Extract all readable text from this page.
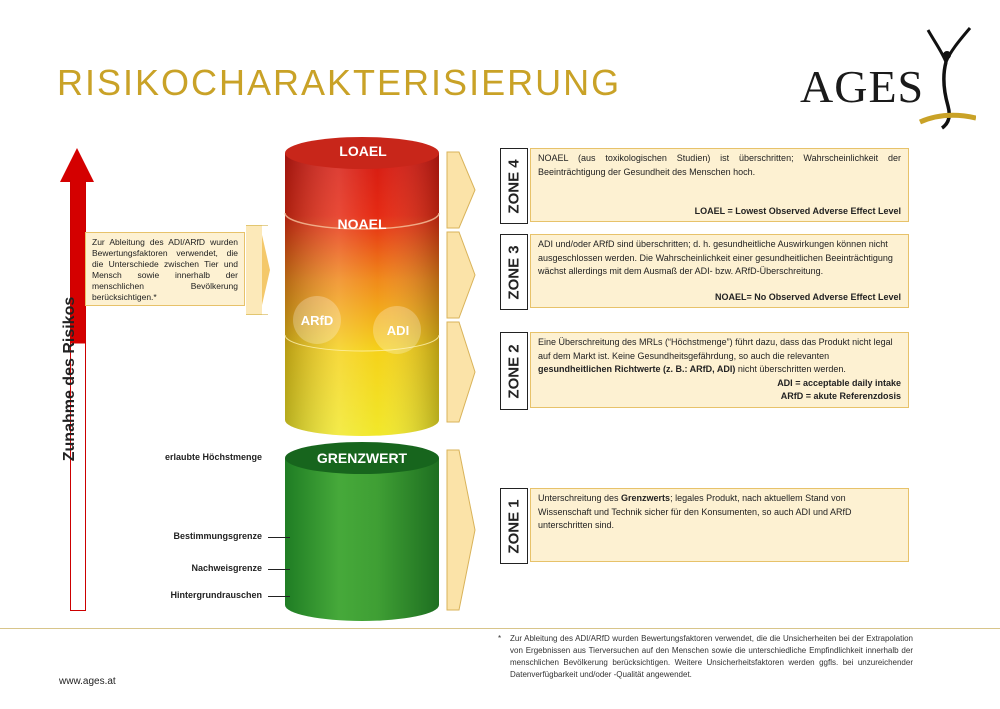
RISIKOCHARAKTERISIERUNG	AGES
Zunahme des Risikos
Zur Ableitung des ADI/ARfD wurden Bewertungsfaktoren verwendet, die die Unterschiede zwischen Tier und Mensch sowie innerhalb der menschlichen Bevölkerung berücksichtigen.*
LOAEL
NOAEL
ARfD
ADI
GRENZWERT
erlaubte Höchstmenge
Bestimmungsgrenze
Nachweisgrenze
Hintergrundrauschen
ZONE 4
NOAEL (aus toxikologischen Studien) ist überschritten; Wahrscheinlichkeit der Beeinträchtigung der Gesundheit des Menschen hoch.
LOAEL = Lowest Observed Adverse Effect Level
ZONE 3
ADI und/oder ARfD sind überschritten; d. h. gesundheitliche Auswirkungen können nicht ausgeschlossen werden. Die Wahrscheinlichkeit einer gesundheitlichen Beeinträchtigung wächst allerdings mit dem Ausmaß der ADI- bzw. ARfD-Überschreitung.
NOAEL= No Observed Adverse Effect Level
ZONE 2
Eine Überschreitung des MRLs (“Höchstmenge”) führt dazu, dass das Produkt nicht legal auf dem Markt ist. Keine Gesundheitsgefährdung, so auch die relevanten gesundheitlichen Richtwerte (z. B.: ARfD, ADI) nicht überschritten werden.
ADI = acceptable daily intake
ARfD = akute Referenzdosis
ZONE 1
Unterschreitung des Grenzwerts; legales Produkt, nach aktuellem Stand von Wissenschaft und Technik sicher für den Konsumenten, so auch ADI und ARfD unterschritten sind.
* Zur Ableitung des ADI/ARfD wurden Bewertungsfaktoren verwendet, die die Unsicherheiten bei der Extrapolation von Ergebnissen aus Tierversuchen auf den Menschen sowie die unterschiedliche Empfindlichkeit innerhalb der menschlichen Bevölkerung berücksichtigen. Weitere Unsicherheitsfaktoren werden ggfls. bei unzureichender Datenverfügbarkeit und/oder -Qualität angewendet.
www.ages.at
